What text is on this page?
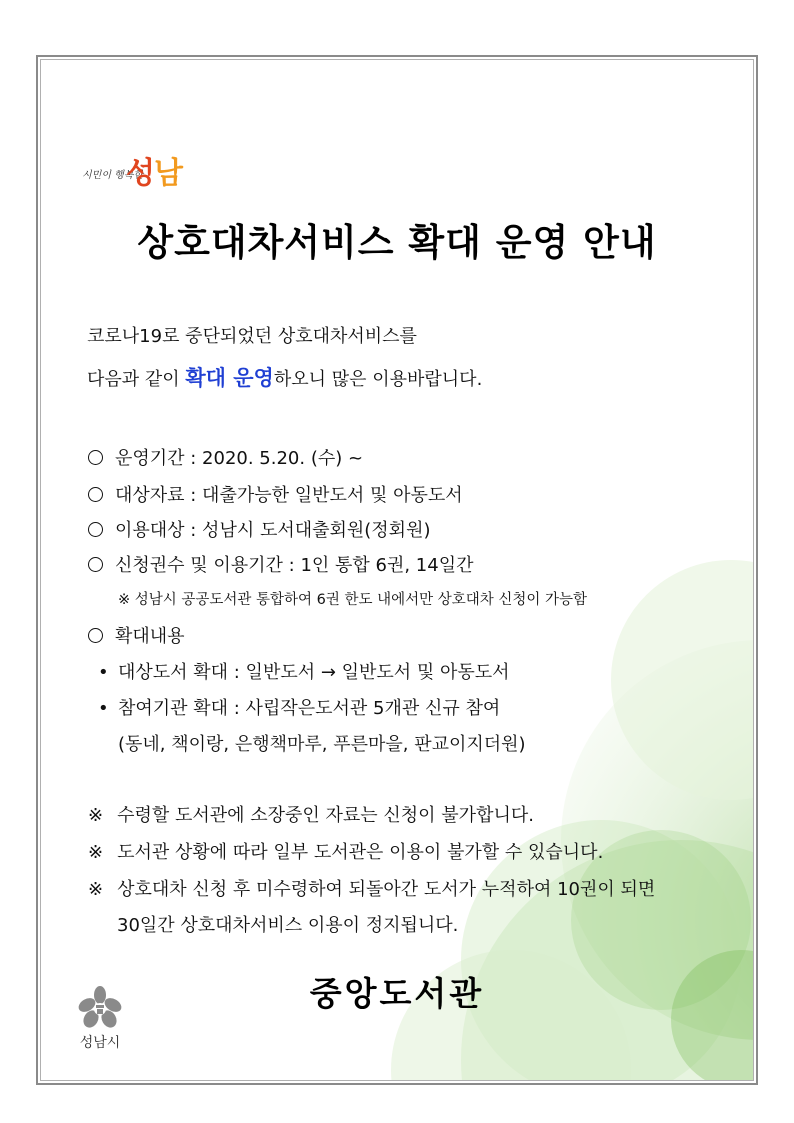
시민이 행복한
성남
상호대차서비스 확대 운영 안내
코로나19로 중단되었던 상호대차서비스를
다음과 같이 확대 운영하오니 많은 이용바랍니다.
운영기간 : 2020. 5.20. (수) ~
대상자료 : 대출가능한 일반도서 및 아동도서
이용대상 : 성남시 도서대출회원(정회원)
신청권수 및 이용기간 : 1인 통합 6권, 14일간
※ 성남시 공공도서관 통합하여 6권 한도 내에서만 상호대차 신청이 가능함
확대내용
• 대상도서 확대 : 일반도서 → 일반도서 및 아동도서
• 참여기관 확대 : 사립작은도서관 5개관 신규 참여
(동네, 책이랑, 은행책마루, 푸른마을, 판교이지더원)
※ 수령할 도서관에 소장중인 자료는 신청이 불가합니다.
※ 도서관 상황에 따라 일부 도서관은 이용이 불가할 수 있습니다.
※ 상호대차 신청 후 미수령하여 되돌아간 도서가 누적하여 10권이 되면
30일간 상호대차서비스 이용이 정지됩니다.
중앙도서관
성남시
